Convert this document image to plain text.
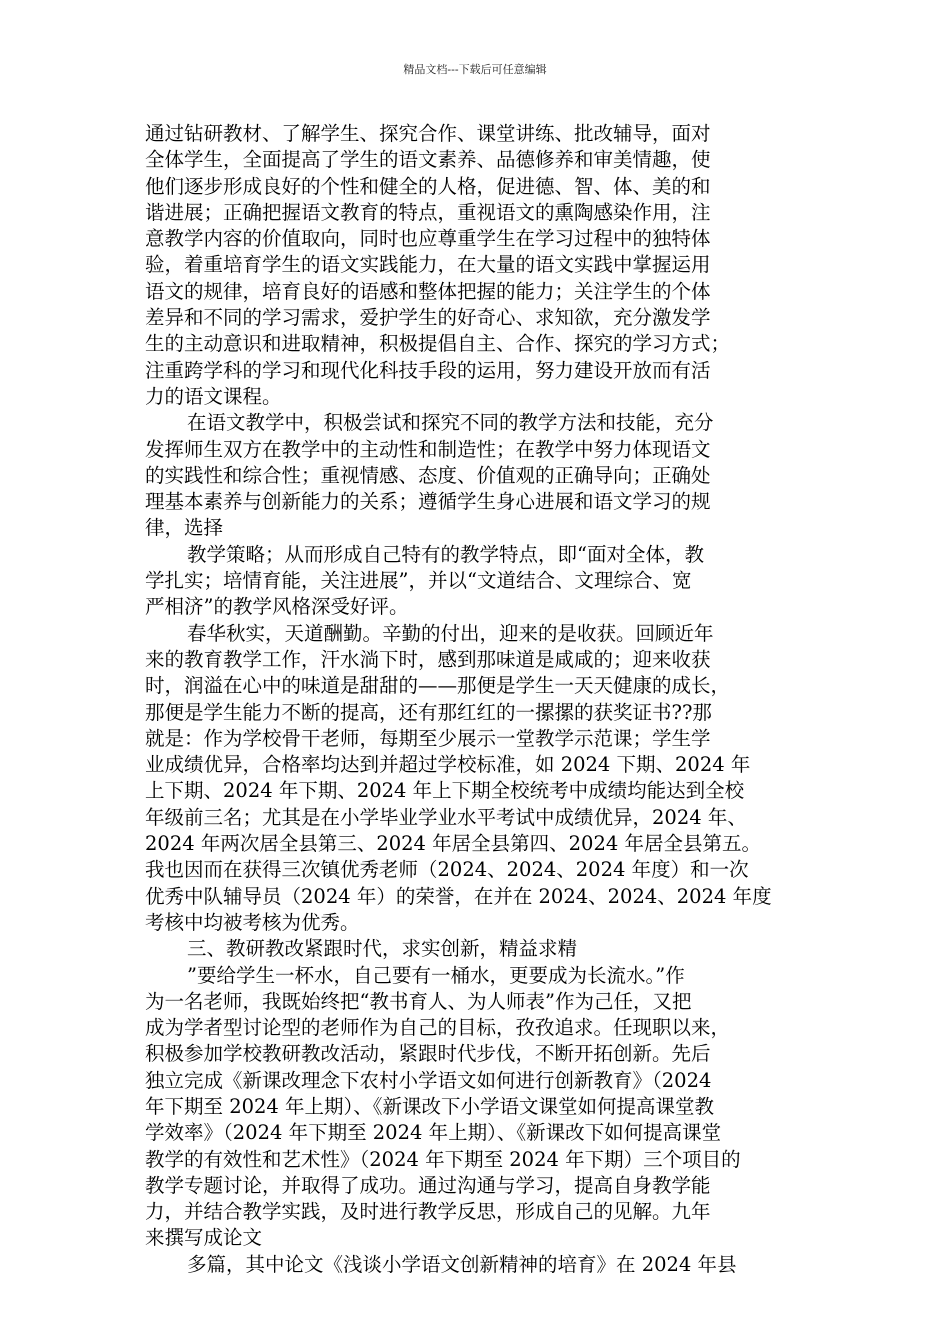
精品文档---下载后可任意编辑
通过钻研教材、了解学生、探究合作、课堂讲练、批改辅导，面对
全体学生，全面提高了学生的语文素养、品德修养和审美情趣，使
他们逐步形成良好的个性和健全的人格，促进德、智、体、美的和
谐进展；正确把握语文教育的特点，重视语文的熏陶感染作用，注
意教学内容的价值取向，同时也应尊重学生在学习过程中的独特体
验，着重培育学生的语文实践能力，在大量的语文实践中掌握运用
语文的规律，培育良好的语感和整体把握的能力；关注学生的个体
差异和不同的学习需求，爱护学生的好奇心、求知欲，充分激发学
生的主动意识和进取精神，积极提倡自主、合作、探究的学习方式；
注重跨学科的学习和现代化科技手段的运用，努力建设开放而有活
力的语文课程。
在语文教学中，积极尝试和探究不同的教学方法和技能，充分
发挥师生双方在教学中的主动性和制造性；在教学中努力体现语文
的实践性和综合性；重视情感、态度、价值观的正确导向；正确处
理基本素养与创新能力的关系；遵循学生身心进展和语文学习的规
律，选择
教学策略；从而形成自己特有的教学特点，即“面对全体，教
学扎实；培情育能，关注进展”，并以“文道结合、文理综合、宽
严相济”的教学风格深受好评。
春华秋实，天道酬勤。辛勤的付出，迎来的是收获。回顾近年
来的教育教学工作，汗水淌下时，感到那味道是咸咸的；迎来收获
时，润溢在心中的味道是甜甜的——那便是学生一天天健康的成长，
那便是学生能力不断的提高，还有那红红的一摞摞的获奖证书??那
就是：作为学校骨干老师，每期至少展示一堂教学示范课；学生学
业成绩优异，合格率均达到并超过学校标准，如 2024 下期、2024 年
上下期、2024 年下期、2024 年上下期全校统考中成绩均能达到全校
年级前三名；尤其是在小学毕业学业水平考试中成绩优异，2024 年、
2024 年两次居全县第三、2024 年居全县第四、2024 年居全县第五。
我也因而在获得三次镇优秀老师（2024、2024、2024 年度）和一次
优秀中队辅导员（2024 年）的荣誉，在并在 2024、2024、2024 年度
考核中均被考核为优秀。
三、教研教改紧跟时代，求实创新，精益求精
”要给学生一杯水，自己要有一桶水，更要成为长流水。”作
为一名老师，我既始终把“教书育人、为人师表”作为己任，又把
成为学者型讨论型的老师作为自己的目标，孜孜追求。任现职以来，
积极参加学校教研教改活动，紧跟时代步伐，不断开拓创新。先后
独立完成《新课改理念下农村小学语文如何进行创新教育》（2024
年下期至 2024 年上期）、《新课改下小学语文课堂如何提高课堂教
学效率》（2024 年下期至 2024 年上期）、《新课改下如何提高课堂
教学的有效性和艺术性》（2024 年下期至 2024 年下期）三个项目的
教学专题讨论，并取得了成功。通过沟通与学习，提高自身教学能
力，并结合教学实践，及时进行教学反思，形成自己的见解。九年
来撰写成论文
多篇，其中论文《浅谈小学语文创新精神的培育》在 2024 年县
